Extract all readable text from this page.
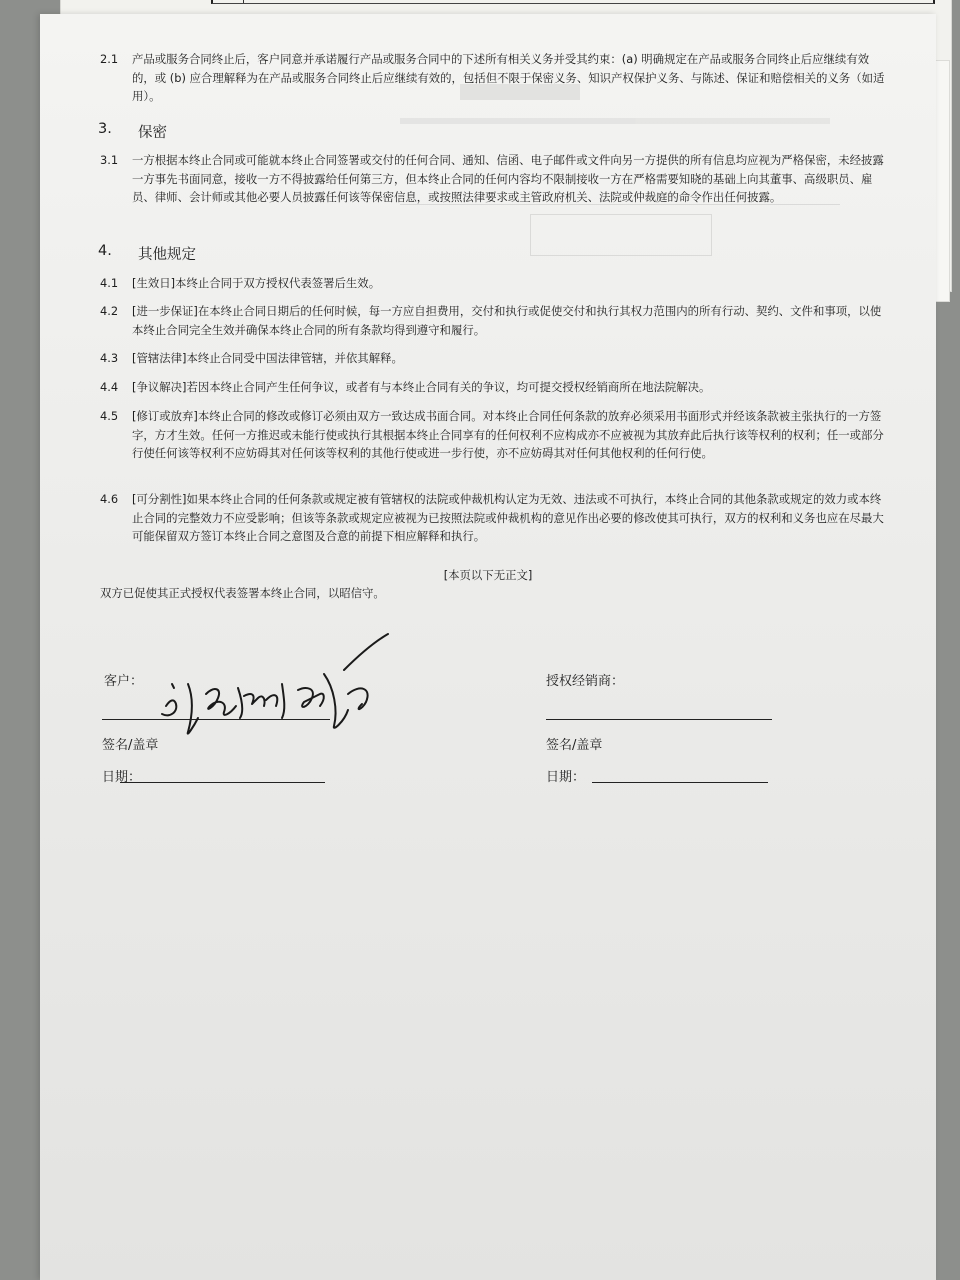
2.1	产品或服务合同终止后，客户同意并承诺履行产品或服务合同中的下述所有相关义务并受其约束：(a) 明确规定在产品或服务合同终止后应继续有效的，或 (b) 应合理解释为在产品或服务合同终止后应继续有效的，包括但不限于保密义务、知识产权保护义务、与陈述、保证和赔偿相关的义务（如适用）。
3.	保密
3.1	一方根据本终止合同或可能就本终止合同签署或交付的任何合同、通知、信函、电子邮件或文件向另一方提供的所有信息均应视为严格保密，未经披露一方事先书面同意，接收一方不得披露给任何第三方，但本终止合同的任何内容均不限制接收一方在严格需要知晓的基础上向其董事、高级职员、雇员、律师、会计师或其他必要人员披露任何该等保密信息，或按照法律要求或主管政府机关、法院或仲裁庭的命令作出任何披露。
4.	其他规定
4.1	[生效日]本终止合同于双方授权代表签署后生效。
4.2	[进一步保证]在本终止合同日期后的任何时候，每一方应自担费用，交付和执行或促使交付和执行其权力范围内的所有行动、契约、文件和事项，以使本终止合同完全生效并确保本终止合同的所有条款均得到遵守和履行。
4.3	[管辖法律]本终止合同受中国法律管辖，并依其解释。
4.4	[争议解决]若因本终止合同产生任何争议，或者有与本终止合同有关的争议，均可提交授权经销商所在地法院解决。
4.5	[修订或放弃]本终止合同的修改或修订必须由双方一致达成书面合同。对本终止合同任何条款的放弃必须采用书面形式并经该条款被主张执行的一方签字，方才生效。任何一方推迟或未能行使或执行其根据本终止合同享有的任何权利不应构成亦不应被视为其放弃此后执行该等权利的权利；任一或部分行使任何该等权利不应妨碍其对任何该等权利的其他行使或进一步行使，亦不应妨碍其对任何其他权利的任何行使。
4.6	[可分割性]如果本终止合同的任何条款或规定被有管辖权的法院或仲裁机构认定为无效、违法或不可执行，本终止合同的其他条款或规定的效力或本终止合同的完整效力不应受影响；但该等条款或规定应被视为已按照法院或仲裁机构的意见作出必要的修改使其可执行，双方的权利和义务也应在尽最大可能保留双方签订本终止合同之意图及合意的前提下相应解释和执行。
[本页以下无正文]
双方已促使其正式授权代表签署本终止合同，以昭信守。
客户：
签名/盖章
日期：
授权经销商：
签名/盖章
日期：
